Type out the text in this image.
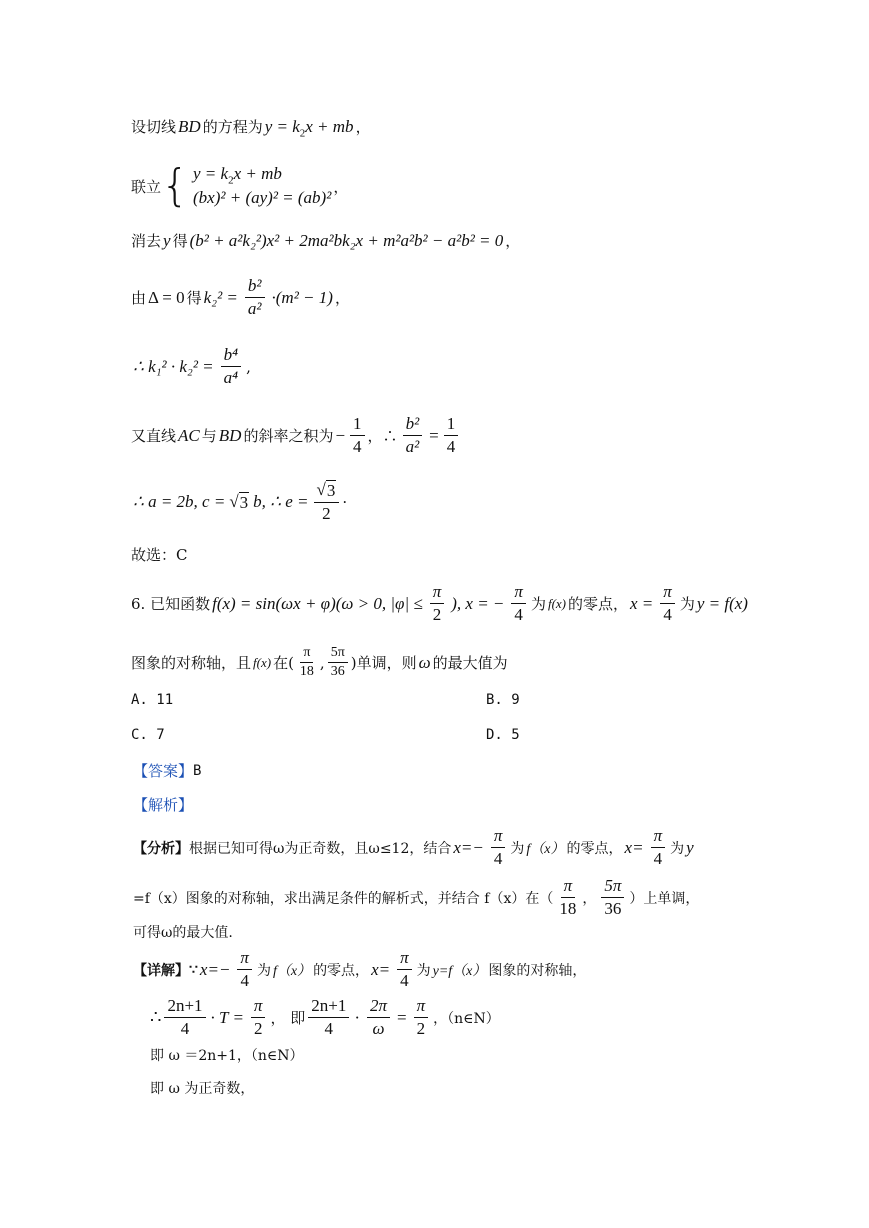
设切线 BD 的方程为 $y = k_2x$ + mb ，
联立 { $y = k_2x$ + mb
(bx)² + (ay)² = (ab)²
，
消去 y 得 (b² + a²k₂²)x² + 2ma²bk₂x + m²a²b² − a²b² = 0 ，
由 Δ = 0 得 $k_2^2 = \frac{\text{b²}}{\text{a²}} \cdot(m^2 - 1)$ ，
∴ $k_1^2 \cdot k_2^2 = \frac{\text{b⁴}}{\text{a⁴}}$ ,
又直线 AC 与 BD 的斜率之积为 − $\frac{1}{4}$ ，∴ $\frac{\text{b²}}{\text{a²}} = \frac{1}{4}$
∴ a = 2b, c = √ 3 b, ∴ $e = \frac{√ 3}{2}$ ·
故选：C
6. 已知函数 f(x) = sin(ωx + φ)(ω > 0, $|\varphi| \le \frac{\pi}{2}$ ), x = − $\frac{\pi}{4}$ 为 f(x) 的零点， $x = \frac{\pi}{4}$ 为 y = f(x)
图象的对称轴，且 f(x) 在( $\frac{\pi}{18}$ , $\frac{5\pi}{36}$ ) 单调，则 ω 的最大值为
A. 11	B. 9
C. 7	D. 5
【答案】 B
【解析】
【分析】 根据已知可得ω为正奇数，且ω≤12，结合 $x=- \frac{\pi}{4}$ 为 f（x） 的零点， $x= \frac{\pi}{4}$ 为 y
=f（x）图象的对称轴，求出满足条件的解析式，并结合 f（x）在（ $\frac{\pi}{18}$ ， $\frac{5\pi}{36}$ ）上单调，
可得ω的最大值.
【详解】 ∵ $x=- \frac{\pi}{4}$ 为 f（x） 的零点， $x= \frac{\pi}{4}$ 为 y=f（x） 图象的对称轴，
∴ $\frac{2n+1}{4} \cdot T = \frac{\pi}{2}$ ， 即 $\frac{2n+1}{4} \cdot \frac{2\pi}{\omega} = \frac{\pi}{2}$ ，（n∈N）
即 ω ＝2n+1，（n∈N）
即 ω 为正奇数，
